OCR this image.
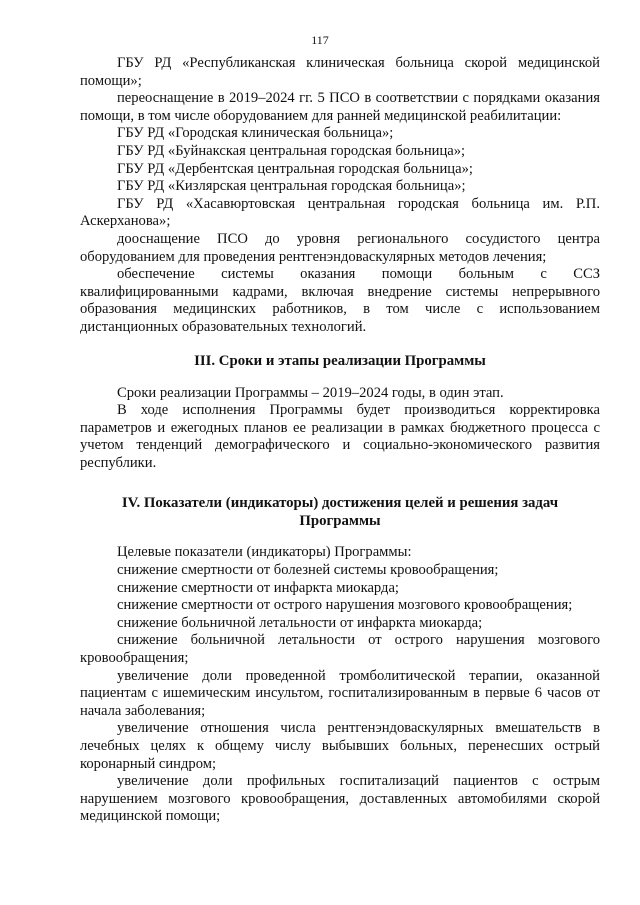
117

ГБУ РД «Республиканская клиническая больница скорой медицинской помощи»;

переоснащение в 2019–2024 гг. 5 ПСО в соответствии с порядками оказания помощи, в том числе оборудованием для ранней медицинской реабилитации:

ГБУ РД «Городская клиническая больница»;

ГБУ РД «Буйнакская центральная городская больница»;

ГБУ РД «Дербентская центральная городская больница»;

ГБУ РД «Кизлярская центральная городская больница»;

ГБУ РД «Хасавюртовская центральная городская больница им. Р.П. Аскерханова»;

дооснащение ПСО до уровня регионального сосудистого центра оборудованием для проведения рентгенэндоваскулярных методов лечения;

обеспечение системы оказания помощи больным с ССЗ квалифицированными кадрами, включая внедрение системы непрерывного образования медицинских работников, в том числе с использованием дистанционных образовательных технологий.

III. Сроки и этапы реализации Программы

Сроки реализации Программы – 2019–2024 годы, в один этап.

В ходе исполнения Программы будет производиться корректировка параметров и ежегодных планов ее реализации в рамках бюджетного процесса с учетом тенденций демографического и социально-экономического развития республики.

IV. Показатели (индикаторы) достижения целей и решения задач
Программы

Целевые показатели (индикаторы) Программы:

снижение смертности от болезней системы кровообращения;

снижение смертности от инфаркта миокарда;

снижение смертности от острого нарушения мозгового кровообращения;

снижение больничной летальности от инфаркта миокарда;

снижение больничной летальности от острого нарушения мозгового кровообращения;

увеличение доли проведенной тромболитической терапии, оказанной пациентам с ишемическим инсультом, госпитализированным в первые 6 часов от начала заболевания;

увеличение отношения числа рентгенэндоваскулярных вмешательств в лечебных целях к общему числу выбывших больных, перенесших острый коронарный синдром;

увеличение доли профильных госпитализаций пациентов с острым нарушением мозгового кровообращения, доставленных автомобилями скорой медицинской помощи;
